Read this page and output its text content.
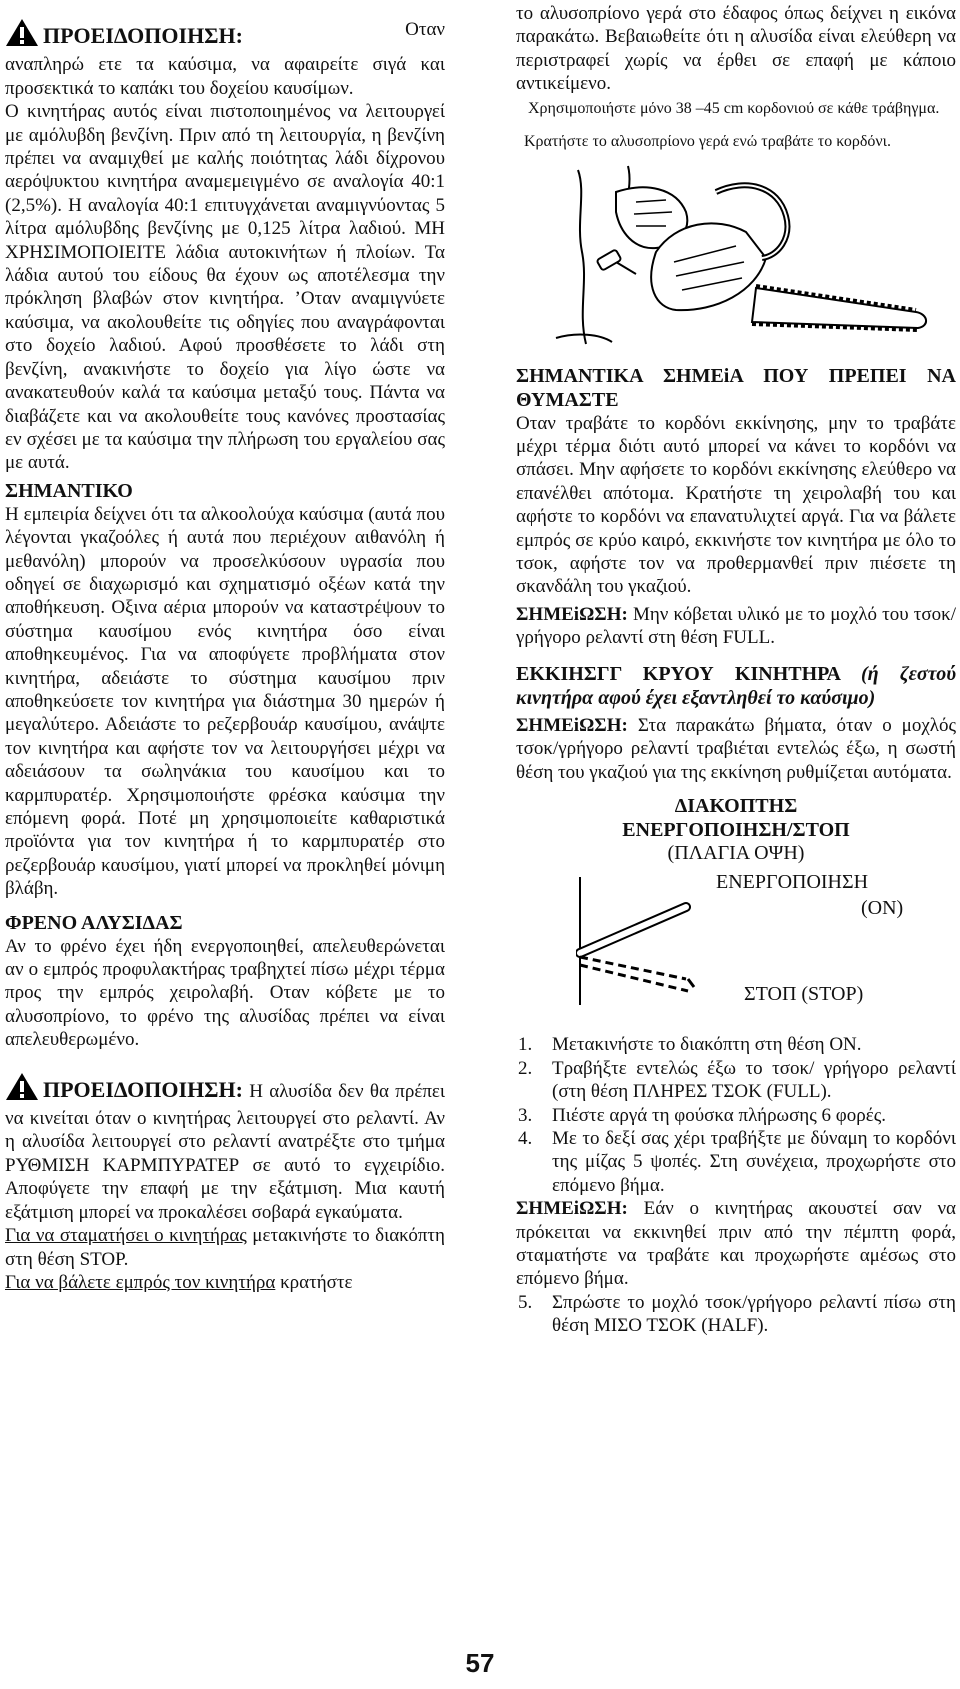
ΠΡΟΕΙΔΟΠΟΙΗΣΗ:	Οταν

αναπληρώ ετε τα καύσιμα, να αφαιρείτε σιγά και προσεκτικά το καπάκι του δοχείου καυσίμων.

Ο κινητήρας αυτός είναι πιστοποιημένος να λειτουργεί με αμόλυβδη βενζίνη. Πριν από τη λειτουργία, η βενζίνη πρέπει να αναμιχθεί με καλής ποιότητας λάδι δίχρονου αερόψυκτου κινητήρα αναμεμειγμένο σε αναλογία 40:1 (2,5%). Η αναλογία 40:1 επιτυγχάνεται αναμιγνύοντας 5 λίτρα αμόλυβδης βενζίνης με 0,125 λίτρα λαδιού. ΜΗ ΧΡΗΣΙΜΟΠΟΙΕΙΤΕ λάδια αυτοκινήτων ή πλοίων. Τα λάδια αυτού του είδους θα έχουν ως αποτέλεσμα την πρόκληση βλαβών στον κινητήρα. ’Οταν αναμιγνύετε καύσιμα, να ακολουθείτε τις οδηγίες που αναγράφονται στο δοχείο λαδιού. Αφού προσθέσετε το λάδι στη βενζίνη, ανακινήστε το δοχείο για λίγο ώστε να ανακατευθούν καλά τα καύσιμα μεταξύ τους. Πάντα να διαβάζετε και να ακολουθείτε τους κανόνες προστασίας εν σχέσει με τα καύσιμα την πλήρωση του εργαλείου σας με αυτά.

ΣΗΜΑΝΤΙΚΟ

Η εμπειρία δείχνει ότι τα αλκοολούχα καύσιμα (αυτά που λέγονται γκαζοόλες ή αυτά που περιέχουν αιθανόλη ή μεθανόλη) μπορούν να προσελκύσουν υγρασία που οδηγεί σε διαχωρισμό και σχηματισμό οξέων κατά την αποθήκευση. Οξινα αέρια μπορούν να καταστρέψουν το σύστημα καυσίμου ενός κινητήρα όσο είναι αποθηκευμένος. Για να αποφύγετε προβλήματα στον κινητήρα, αδειάστε το σύστημα καυσίμου πριν αποθηκεύσετε τον κινητήρα για διάστημα 30 ημερών ή μεγαλύτερο. Αδειάστε το ρεζερβουάρ καυσίμου, ανάψτε τον κινητήρα και αφήστε τον να λειτουργήσει μέχρι να αδειάσουν τα σωληνάκια του καυσίμου και το καρμπυρατέρ. Χρησιμοποιήστε φρέσκα καύσιμα την επόμενη φορά. Ποτέ μη χρησιμοποιείτε καθαριστικά προϊόντα για τον κινητήρα ή το καρμπυρατέρ στο ρεζερβουάρ καυσίμου, γιατί μπορεί να προκληθεί μόνιμη βλάβη.

ΦΡΕΝΟ ΑΛΥΣΙΔΑΣ

Αν το φρένο έχει ήδη ενεργοποιηθεί, απελευθερώνεται αν ο εμπρός προφυλακτήρας τραβηχτεί πίσω μέχρι τέρμα προς την εμπρός χειρολαβή. Οταν κόβετε με το αλυσοπρίονο, το φρένο της αλυσίδας πρέπει να είναι απελευθερωμένο.

ΠΡΟΕΙΔΟΠΟΙΗΣΗ: Η αλυσίδα δεν θα πρέπει να κινείται όταν ο κινητήρας λειτουργεί στο ρελαντί. Αν η αλυσίδα λειτουργεί στο ρελαντί ανατρέξτε στο τμήμα ΡΥΘΜΙΣΗ ΚΑΡΜΠΥΡΑΤΕΡ σε αυτό το εγχειρίδιο. Αποφύγετε την επαφή με την εξάτμιση. Μια καυτή εξάτμιση μπορεί να προκαλέσει σοβαρά εγκαύματα.

Για να σταματήσει ο κινητήρας μετακινήστε το διακόπτη στη θέση STOP.

Για να βάλετε εμπρός τον κινητήρα κρατήστε

το αλυσοπρίονο γερά στο έδαφος όπως δείχνει η εικόνα παρακάτω. Βεβαιωθείτε ότι η αλυσίδα είναι ελεύθερη να περιστραφεί χωρίς να έρθει σε επαφή με κάποιο αντικείμενο.

Χρησιμοποιήστε μόνο 38 –45 cm κορδονιού σε κάθε τράβηγμα.

Κρατήστε το αλυσοπρίονο γερά ενώ τραβάτε το κορδόνι.

ΣΗΜΑΝΤΙΚΑ ΣΗΜΕiΑ ΠΟΥ ΠΡΕΠΕΙ ΝΑ ΘΥΜΑΣΤΕ

Οταν τραβάτε το κορδόνι εκκίνησης, μην το τραβάτε μέχρι τέρμα διότι αυτό μπορεί να κάνει το κορδόνι να σπάσει. Μην αφήσετε το κορδόνι εκκίνησης ελεύθερο να επανέλθει απότομα. Κρατήστε τη χειρολαβή του και αφήστε το κορδόνι να επανατυλιχτεί αργά. Για να βάλετε εμπρός σε κρύο καιρό, εκκινήστε τον κινητήρα με όλο το τσοκ, αφήστε τον να προθερμανθεί πριν πιέσετε τη σκανδάλη του γκαζιού.

ΣΗΜΕiΩΣΗ: Μην κόβεται υλικό με το μοχλό του τσοκ/γρήγορο ρελαντί στη θέση FULL.

ΕΚΚΙΗΣΓΓ ΚΡΥΟΥ ΚΙΝΗΤΗΡΑ (ή ζεστού κινητήρα αφού έχει εξαντληθεί το καύσιμο)

ΣΗΜΕiΩΣΗ: Στα παρακάτω βήματα, όταν ο μοχλός τσοκ/γρήγορο ρελαντί τραβιέται εντελώς έξω, η σωστή θέση του γκαζιού για της εκκίνηση ρυθμίζεται αυτόματα.

ΔΙΑΚΟΠΤΗΣ

ΕΝΕΡΓΟΠΟΙΗΣΗ/ΣΤΟΠ

(ΠΛΑΓΙΑ ΟΨΗ)

ΕΝΕΡΓΟΠΟΙΗΣΗ
(ON)
ΣΤΟΠ (STOP)
1. Μετακινήστε το διακόπτη στη θέση ON.
2. Τραβήξτε εντελώς έξω το τσοκ/ γρήγορο ρελαντί (στη θέση ΠΛΗΡΕΣ ΤΣΟΚ (FULL).
3. Πιέστε αργά τη φούσκα πλήρωσης 6 φορές.
4. Με το δεξί σας χέρι τραβήξτε με δύναμη το κορδόνι της μίζας 5 ψοπές. Στη συνέχεια, προχωρήστε στο επόμενο βήμα.

ΣΗΜΕiΩΣΗ: Εάν ο κινητήρας ακουστεί σαν να πρόκειται να εκκινηθεί πριν από την πέμπτη φορά, σταματήστε να τραβάτε και προχωρήστε αμέσως στο επόμενο βήμα.

5. Σπρώστε το μοχλό τσοκ/γρήγορο ρελαντί πίσω στη θέση ΜΙΣΟ ΤΣΟΚ (HALF).
57
